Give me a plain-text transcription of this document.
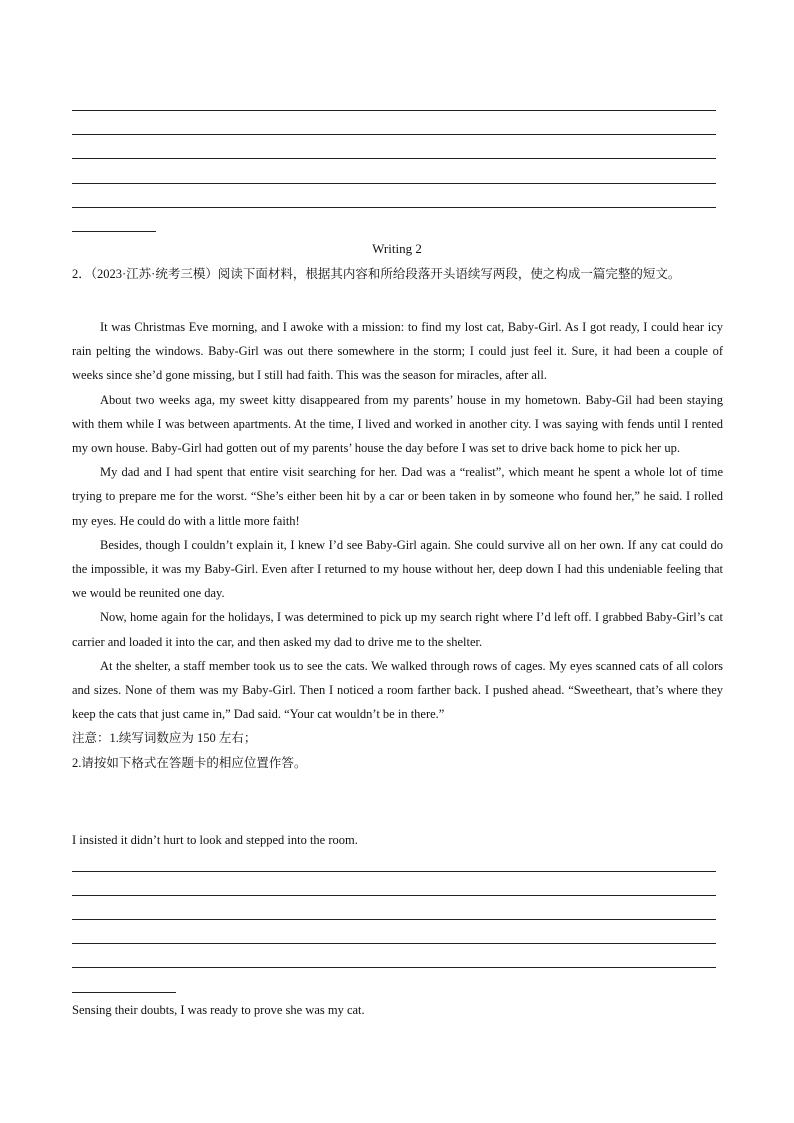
Writing 2
2．（2023·江苏·统考三模）阅读下面材料，根据其内容和所给段落开头语续写两段，使之构成一篇完整的短文。

It was Christmas Eve morning, and I awoke with a mission: to find my lost cat, Baby-Girl. As I got ready, I could hear icy rain pelting the windows. Baby-Girl was out there somewhere in the storm; I could just feel it. Sure, it had been a couple of weeks since she’d gone missing, but I still had faith. This was the season for miracles, after all.

About two weeks aga, my sweet kitty disappeared from my parents’ house in my hometown. Baby-Gil had been staying with them while I was between apartments. At the time, I lived and worked in another city. I was saying with fends until I rented my own house. Baby-Girl had gotten out of my parents’ house the day before I was set to drive back home to pick her up.

My dad and I had spent that entire visit searching for her. Dad was a “realist”, which meant he spent a whole lot of time trying to prepare me for the worst. “She’s either been hit by a car or been taken in by someone who found her,” he said. I rolled my eyes. He could do with a little more faith!

Besides, though I couldn’t explain it, I knew I’d see Baby-Girl again. She could survive all on her own. If any cat could do the impossible, it was my Baby-Girl. Even after I returned to my house without her, deep down I had this undeniable feeling that we would be reunited one day.

Now, home again for the holidays, I was determined to pick up my search right where I’d left off. I grabbed Baby-Girl’s cat carrier and loaded it into the car, and then asked my dad to drive me to the shelter.

At the shelter, a staff member took us to see the cats. We walked through rows of cages. My eyes scanned cats of all colors and sizes. None of them was my Baby-Girl. Then I noticed a room farther back. I pushed ahead. “Sweetheart, that’s where they keep the cats that just came in,” Dad said. “Your cat wouldn’t be in there.”

注意：1.续写词数应为 150 左右；
2.请按如下格式在答题卡的相应位置作答。
I insisted it didn’t hurt to look and stepped into the room.
Sensing their doubts, I was ready to prove she was my cat.
